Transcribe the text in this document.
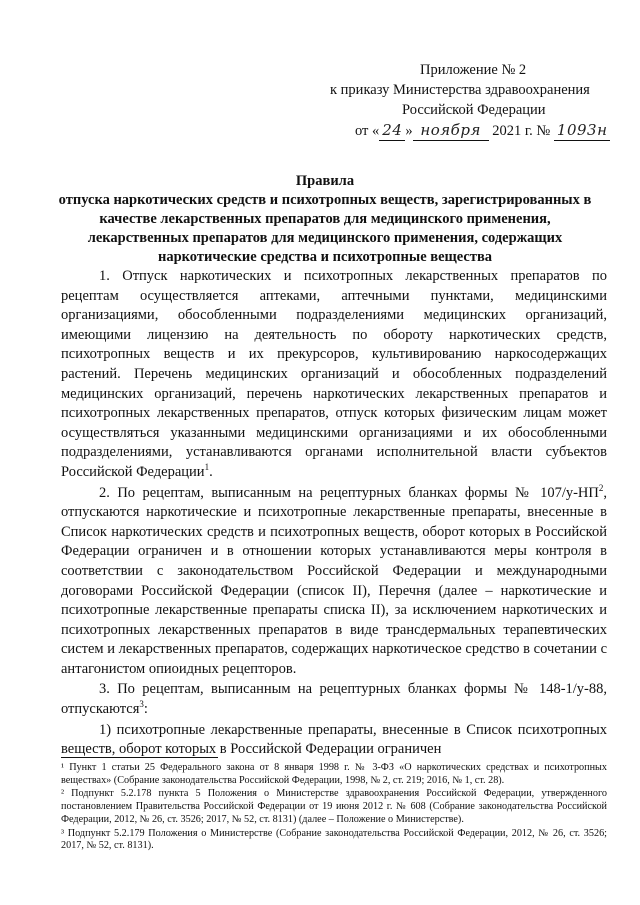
Приложение № 2
к приказу Министерства здравоохранения
Российской Федерации
от « 24 » ноября 2021 г. № 1093н
Правила
отпуска наркотических средств и психотропных веществ, зарегистрированных в качестве лекарственных препаратов для медицинского применения, лекарственных препаратов для медицинского применения, содержащих наркотические средства и психотропные вещества

1. Отпуск наркотических и психотропных лекарственных препаратов по рецептам осуществляется аптеками, аптечными пунктами, медицинскими организациями, обособленными подразделениями медицинских организаций, имеющими лицензию на деятельность по обороту наркотических средств, психотропных веществ и их прекурсоров, культивированию наркосодержащих растений. Перечень медицинских организаций и обособленных подразделений медицинских организаций, перечень наркотических лекарственных препаратов и психотропных лекарственных препаратов, отпуск которых физическим лицам может осуществляться указанными медицинскими организациями и их обособленными подразделениями, устанавливаются органами исполнительной власти субъектов Российской Федерации$^1$.

2. По рецептам, выписанным на рецептурных бланках формы № $107/у-НП^2$, отпускаются наркотические и психотропные лекарственные препараты, внесенные в Список наркотических средств и психотропных веществ, оборот которых в Российской Федерации ограничен и в отношении которых устанавливаются меры контроля в соответствии с законодательством Российской Федерации и международными договорами Российской Федерации (список II), Перечня (далее – наркотические и психотропные лекарственные препараты списка II), за исключением наркотических и психотропных лекарственных препаратов в виде трансдермальных терапевтических систем и лекарственных препаратов, содержащих наркотическое средство в сочетании с антагонистом опиоидных рецепторов.

3. По рецептам, выписанным на рецептурных бланках формы № 148-1/у-88, отпускаются$^3$:

1) психотропные лекарственные препараты, внесенные в Список психотропных веществ, оборот которых в Российской Федерации ограничен

¹ Пункт 1 статьи 25 Федерального закона от 8 января 1998 г. № 3-ФЗ «О наркотических средствах и психотропных веществах» (Собрание законодательства Российской Федерации, 1998, № 2, ст. 219; 2016, № 1, ст. 28).

² Подпункт 5.2.178 пункта 5 Положения о Министерстве здравоохранения Российской Федерации, утвержденного постановлением Правительства Российской Федерации от 19 июня 2012 г. № 608 (Собрание законодательства Российской Федерации, 2012, № 26, ст. 3526; 2017, № 52, ст. 8131) (далее – Положение о Министерстве).

³ Подпункт 5.2.179 Положения о Министерстве (Собрание законодательства Российской Федерации, 2012, № 26, ст. 3526; 2017, № 52, ст. 8131).
